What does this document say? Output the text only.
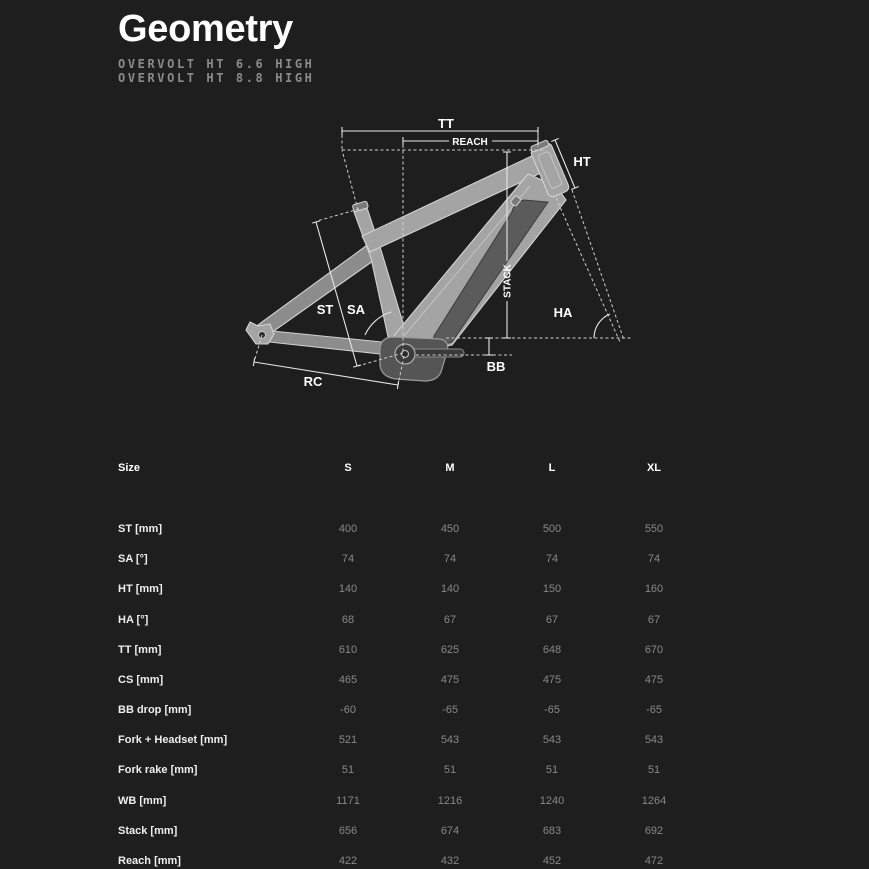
Geometry
OVERVOLT HT 6.6 HIGH
OVERVOLT HT 8.8 HIGH
TT
REACH
HT
STACK
ST SA	HA
RC
BB
Size	S	M	L	XL
ST [mm]	400	450	500	550
SA [°]	74	74	74	74
HT [mm]	140	140	150	160
HA [°]	68	67	67	67
TT [mm]	610	625	648	670
CS [mm]	465	475	475	475
BB drop [mm]	-60	-65	-65	-65
Fork + Headset [mm]	521	543	543	543
Fork rake [mm]	51	51	51	51
WB [mm]	1171	1216	1240	1264
Stack [mm]	656	674	683	692
Reach [mm]	422	432	452	472
